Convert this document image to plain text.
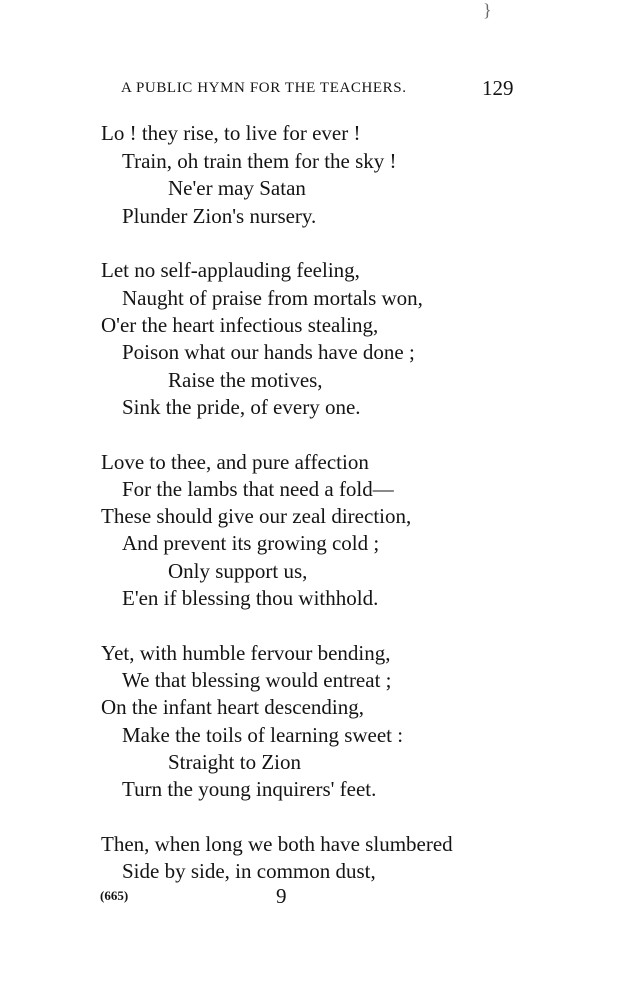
}
A PUBLIC HYMN FOR THE TEACHERS.	129
Lo ! they rise, to live for ever !
Train, oh train them for the sky !
Ne'er may Satan
Plunder Zion's nursery.
Let no self-applauding feeling,
Naught of praise from mortals won,
O'er the heart infectious stealing,
Poison what our hands have done ;
Raise the motives,
Sink the pride, of every one.
Love to thee, and pure affection
For the lambs that need a fold—
These should give our zeal direction,
And prevent its growing cold ;
Only support us,
E'en if blessing thou withhold.
Yet, with humble fervour bending,
We that blessing would entreat ;
On the infant heart descending,
Make the toils of learning sweet :
Straight to Zion
Turn the young inquirers' feet.
Then, when long we both have slumbered
Side by side, in common dust,
(665)	9
